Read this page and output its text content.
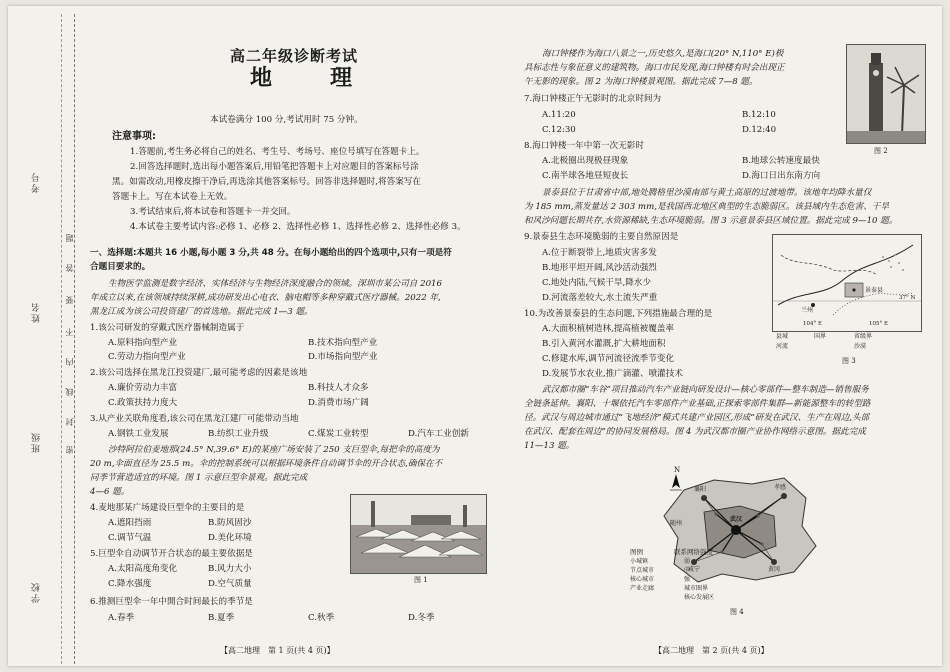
考号
姓名
班级
学校
题
答
要
不
内
线
封
密
高二年级诊断考试
地　理
本试卷满分 100 分,考试用时 75 分钟。
注意事项:
1.答题前,考生务必将自己的姓名、考生号、考场号、座位号填写在答题卡上。
2.回答选择题时,选出每小题答案后,用铅笔把答题卡上对应题目的答案标号涂
黑。如需改动,用橡皮擦干净后,再选涂其他答案标号。回答非选择题时,将答案写在
答题卡上。写在本试卷上无效。
3.考试结束后,将本试卷和答题卡一并交回。
4.本试卷主要考试内容:必修 1、必修 2、选择性必修 1、选择性必修 2、选择性必修 3。
一、选择题:本题共 16 小题,每小题 3 分,共 48 分。在每小题给出的四个选项中,只有一项是符
合题目要求的。
生物医学监测是数字经济、实体经济与生物经济深度融合的领域。深圳市某公司自 2016
年成立以来,在该领域持续深耕,成功研发出心电衣、脑电帽等多种穿戴式医疗器械。2022 年,
黑龙江成为该公司投资建厂的首选地。据此完成 1—3 题。
1.该公司研发的穿戴式医疗器械制造属于
A.原料指向型产业	B.技术指向型产业
C.劳动力指向型产业	D.市场指向型产业
2.该公司选择在黑龙江投资建厂,最可能考虑的因素是该地
A.廉价劳动力丰富	B.科技人才众多
C.政策扶持力度大	D.消费市场广阔
3.从产业关联角度看,该公司在黑龙江建厂可能带动当地
A.钢铁工业发展	B.纺织工业升级	C.煤炭工业转型	D.汽车工业创新
沙特阿拉伯麦地那(24.5° N,39.6° E)的某座广场安装了 250 支巨型伞,每把伞的高度为
20 m,伞面直径为 25.5 m。伞的控制系统可以根据环境条件自动调节伞的开合状态,确保在不
同季节营造适宜的环境。图 1 示意巨型伞景观。据此完成
4—6 题。
4.麦地那某广场建设巨型伞的主要目的是
A.遮阳挡雨	B.防风固沙
C.调节气温	D.美化环境
5.巨型伞自动调节开合状态的最主要依据是
A.太阳高度角变化	B.风力大小
C.降水强度	D.空气质量
6.推测巨型伞一年中開合时间最长的季节是
A.春季	B.夏季	C.秋季	D.冬季
图 1
【高二地理　第 1 页(共 4 页)】
海口钟楼作为海口八景之一,历史悠久,是海口(20° N,110° E)极
具标志性与象征意义的建筑物。海口市民发现,海口钟楼有时会出现正
午无影的现象。图 2 为海口钟楼景观图。据此完成 7—8 题。
7.海口钟楼正午无影时的北京时间为
A.11:20	B.12:10
C.12:30	D.12:40
8.海口钟楼一年中第一次无影时
A.北极圈出现极昼现象	B.地球公转速度最快
C.南半球各地昼短夜长	D.海口日出东南方向
图 2
景泰县位于甘肃省中部,地处腾格里沙漠南部与黄土高原的过渡地带。该地年均降水量仅
为 185 mm,蒸发量达 2 303 mm,是我国西北地区典型的生态脆弱区。该县域内生态危害、干旱
和风沙问题长期共存,水资源稀缺,生态环境脆弱。图 3 示意景泰县区域位置。据此完成 9—10 题。
9.景泰县生态环境脆弱的主要自然原因是
A.位于断裂带上,地质灾害多发
B.地形平坦开阔,风沙活动强烈
C.地处内陆,气候干旱,降水少
D.河流落差较大,水土流失严重
10.为改善景泰县的生态问题,下列措施最合理的是
A.大面积植树造林,提高植被覆盖率
B.引入黄河水灌溉,扩大耕地面积
C.修建水库,调节河流径流季节变化
D.发展节水农业,推广滴灌、喷灌技术
景泰县
兰州
37° N
104° E	105° E
县城	国界	省级界
河流	沙漠
图 3
武汉都市圈“车谷”项目推动汽车产业链向研发设计—核心零部件—整车制造—销售服务
全链条延伸。襄阳、十堰依托汽车零部件产业基础,正探索零部件集群—新能源整车的转型路
径。武汉与周边城市通过“飞地经济”模式共建产业园区,形成“研发在武汉、生产在周边,头部
在武汉、配套在周边”的协同发展格局。图 4 为武汉都市圈产业协作网络示意图。据此完成
11—13 题。
武汉
襄阳	孝感
黄冈
咸宁
随州
N
图例
小城镇
节点城市
核心城市
产业走廊
联系网络强度
弱
中
强
城市圈界
核心发展区
图 4
【高二地理　第 2 页(共 4 页)】
